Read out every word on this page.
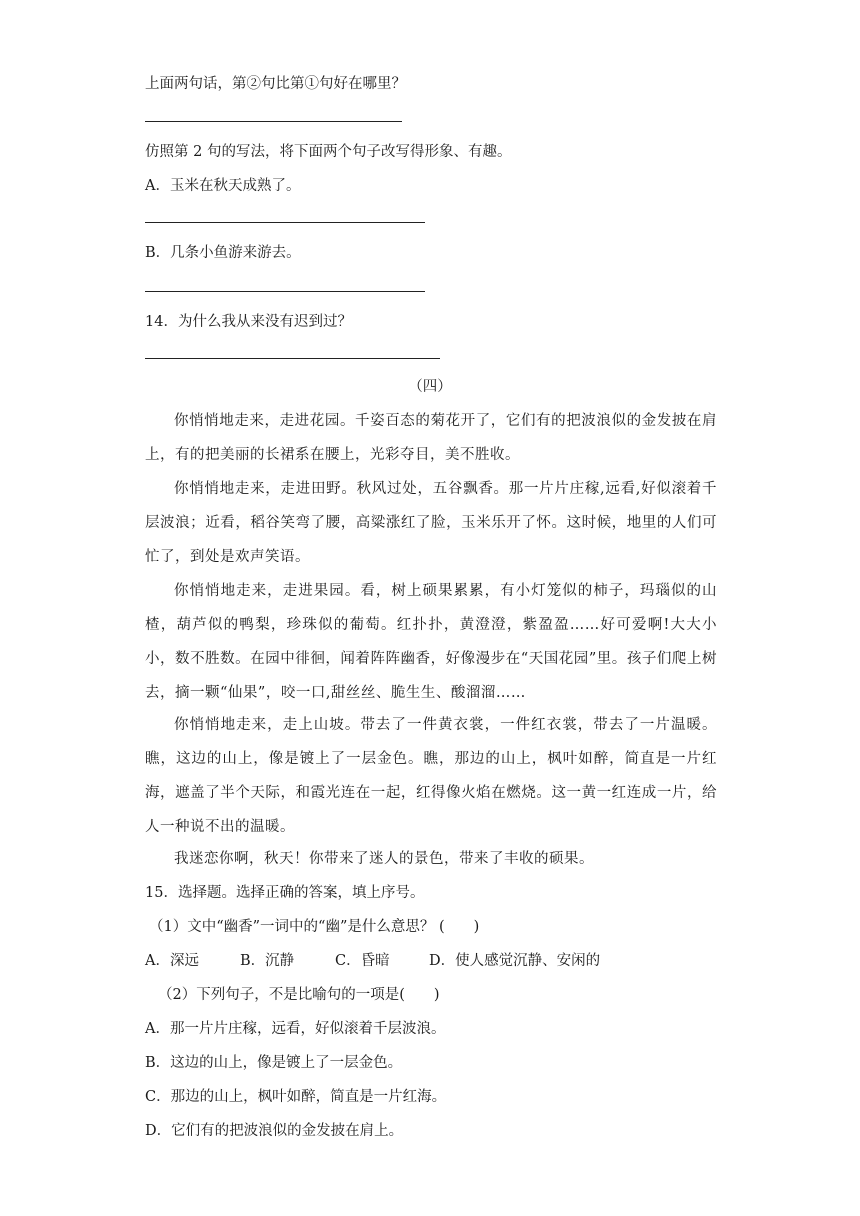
上面两句话，第②句比第①句好在哪里？
仿照第 2 句的写法，将下面两个句子改写得形象、有趣。
A．玉米在秋天成熟了。
B．几条小鱼游来游去。
14．为什么我从来没有迟到过？
（四）
你悄悄地走来，走进花园。千姿百态的菊花开了，它们有的把波浪似的金发披在肩上，有的把美丽的长裙系在腰上，光彩夺目，美不胜收。
你悄悄地走来，走进田野。秋风过处，五谷飘香。那一片片庄稼,远看,好似滚着千层波浪；近看，稻谷笑弯了腰，高粱涨红了脸，玉米乐开了怀。这时候，地里的人们可忙了，到处是欢声笑语。
你悄悄地走来，走进果园。看，树上硕果累累，有小灯笼似的柿子，玛瑙似的山楂，葫芦似的鸭梨，珍珠似的葡萄。红扑扑，黄澄澄，紫盈盈……好可爱啊!大大小小，数不胜数。在园中徘徊，闻着阵阵幽香，好像漫步在“天国花园”里。孩子们爬上树去，摘一颗“仙果”，咬一口,甜丝丝、脆生生、酸溜溜……
你悄悄地走来，走上山坡。带去了一件黄衣裳，一件红衣裳，带去了一片温暖。瞧，这边的山上，像是镀上了一层金色。瞧，那边的山上，枫叶如醉，简直是一片红海，遮盖了半个天际，和霞光连在一起，红得像火焰在燃烧。这一黄一红连成一片，给人一种说不出的温暖。
我迷恋你啊，秋天！你带来了迷人的景色，带来了丰收的硕果。
15．选择题。选择正确的答案，填上序号。
（1）文中“幽香”一词中的“幽”是什么意思？ (　　)
A．深远	B．沉静	C．昏暗	D．使人感觉沉静、安闲的
（2）下列句子，不是比喻句的一项是(　　)
A．那一片片庄稼，远看，好似滚着千层波浪。
B．这边的山上，像是镀上了一层金色。
C．那边的山上，枫叶如醉，简直是一片红海。
D．它们有的把波浪似的金发披在肩上。
